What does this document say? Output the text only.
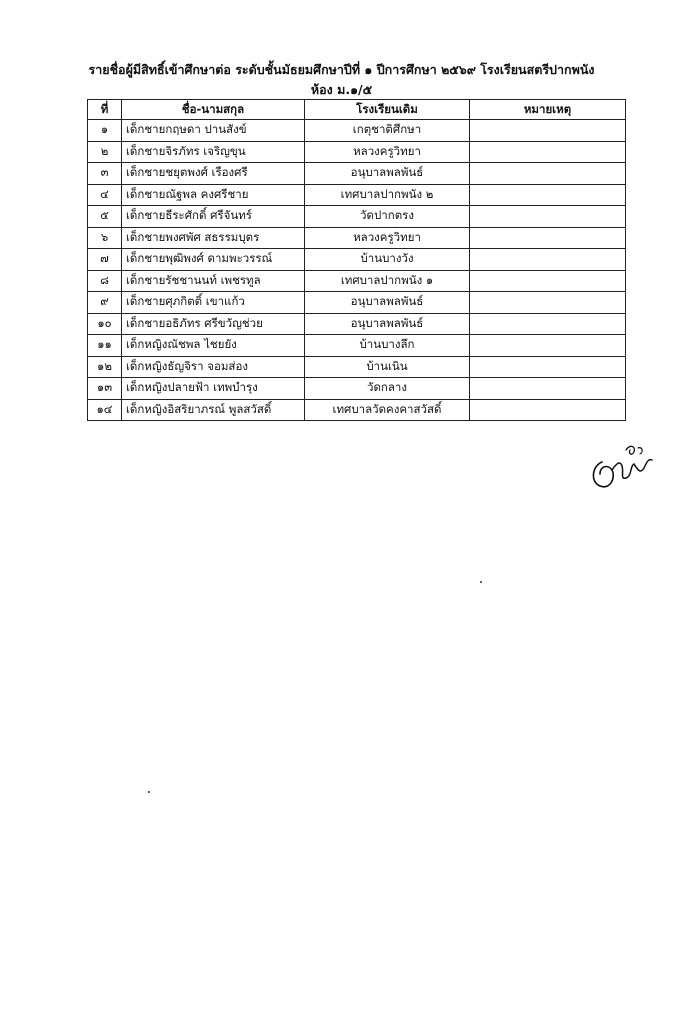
รายชื่อผู้มีสิทธิ์เข้าศึกษาต่อ ระดับชั้นมัธยมศึกษาปีที่ ๑ ปีการศึกษา ๒๕๖๙ โรงเรียนสตรีปากพนัง
ห้อง ม.๑/๕
ที่	ชื่อ-นามสกุล	โรงเรียนเดิม	หมายเหตุ
๑	เด็กชายกฤษดา ปานสังข์	เกตุชาติศึกษา	
๒	เด็กชายจิรภัทร เจริญขุน	หลวงครูวิทยา	
๓	เด็กชายชยุตพงศ์ เรืองศรี	อนุบาลพลพันธ์	
๔	เด็กชายณัฐพล คงศรีชาย	เทศบาลปากพนัง ๒	
๕	เด็กชายธีระศักดิ์ ศรีจันทร์	วัดปากตรง	
๖	เด็กชายพงศพัศ สธรรมบุตร	หลวงครูวิทยา	
๗	เด็กชายพุฒิพงศ์ ดามพะวรรณ์	บ้านบางวัง	
๘	เด็กชายรัชชานนท์ เพชรทูล	เทศบาลปากพนัง ๑	
๙	เด็กชายศุภกิตติ์ เขาแก้ว	อนุบาลพลพันธ์	
๑๐	เด็กชายอธิภัทร ศรีขวัญช่วย	อนุบาลพลพันธ์	
๑๑	เด็กหญิงณัชพล ไชยยัง	บ้านบางลึก	
๑๒	เด็กหญิงธัญจิรา จอมส่อง	บ้านเนิน	
๑๓	เด็กหญิงปลายฟ้า เทพบำรุง	วัดกลาง	
๑๔	เด็กหญิงอิสริยาภรณ์ พูลสวัสดิ์	เทศบาลวัดคงคาสวัสดิ์	
